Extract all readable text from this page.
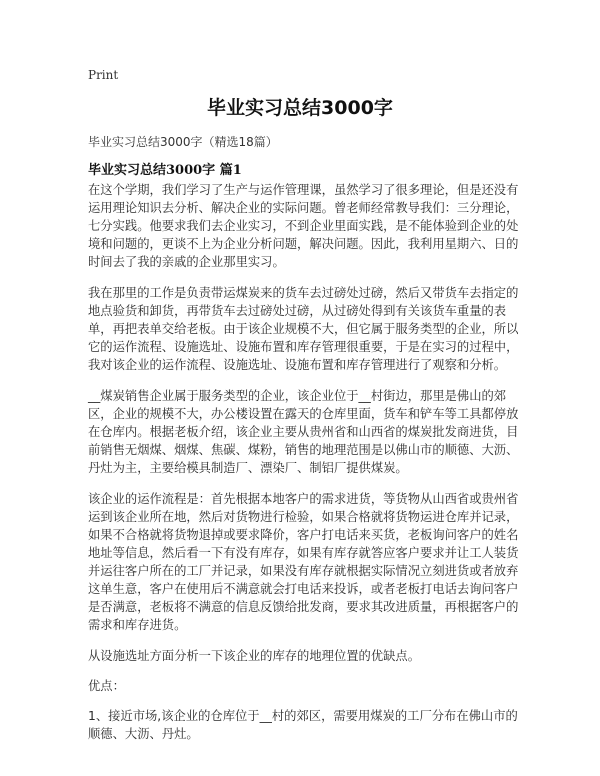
Print
毕业实习总结3000字
毕业实习总结3000字（精选18篇）
毕业实习总结3000字 篇1

在这个学期，我们学习了生产与运作管理课，虽然学习了很多理论，但是还没有运用理论知识去分析、解决企业的实际问题。曾老师经常教导我们：三分理论，七分实践。他要求我们去企业实习，不到企业里面实践，是不能体验到企业的处境和问题的，更谈不上为企业分析问题，解决问题。因此，我利用星期六、日的时间去了我的亲戚的企业那里实习。

我在那里的工作是负责带运煤炭来的货车去过磅处过磅，然后又带货车去指定的地点验货和卸货，再带货车去过磅处过磅，从过磅处得到有关该货车重量的表单，再把表单交给老板。由于该企业规模不大，但它属于服务类型的企业，所以它的运作流程、设施选址、设施布置和库存管理很重要，于是在实习的过程中，我对该企业的运作流程、设施选址、设施布置和库存管理进行了观察和分析。

__煤炭销售企业属于服务类型的企业，该企业位于__村街边，那里是佛山的郊区，企业的规模不大，办公楼设置在露天的仓库里面，货车和铲车等工具都停放在仓库内。根据老板介绍，该企业主要从贵州省和山西省的煤炭批发商进货，目前销售无烟煤、烟煤、焦碳、煤粉，销售的地理范围是以佛山市的顺德、大沥、丹灶为主，主要给模具制造厂、漂染厂、制铝厂提供煤炭。

该企业的运作流程是：首先根据本地客户的需求进货，等货物从山西省或贵州省运到该企业所在地，然后对货物进行检验，如果合格就将货物运进仓库并记录，如果不合格就将货物退掉或要求降价，客户打电话来买货，老板询问客户的姓名地址等信息，然后看一下有没有库存，如果有库存就答应客户要求并让工人装货并运往客户所在的工厂并记录，如果没有库存就根据实际情况立刻进货或者放弃这单生意，客户在使用后不满意就会打电话来投诉，或者老板打电话去询问客户是否满意，老板将不满意的信息反馈给批发商，要求其改进质量，再根据客户的需求和库存进货。

从设施选址方面分析一下该企业的库存的地理位置的优缺点。

优点：

1、接近市场,该企业的仓库位于__村的郊区，需要用煤炭的工厂分布在佛山市的顺德、大沥、丹灶。
